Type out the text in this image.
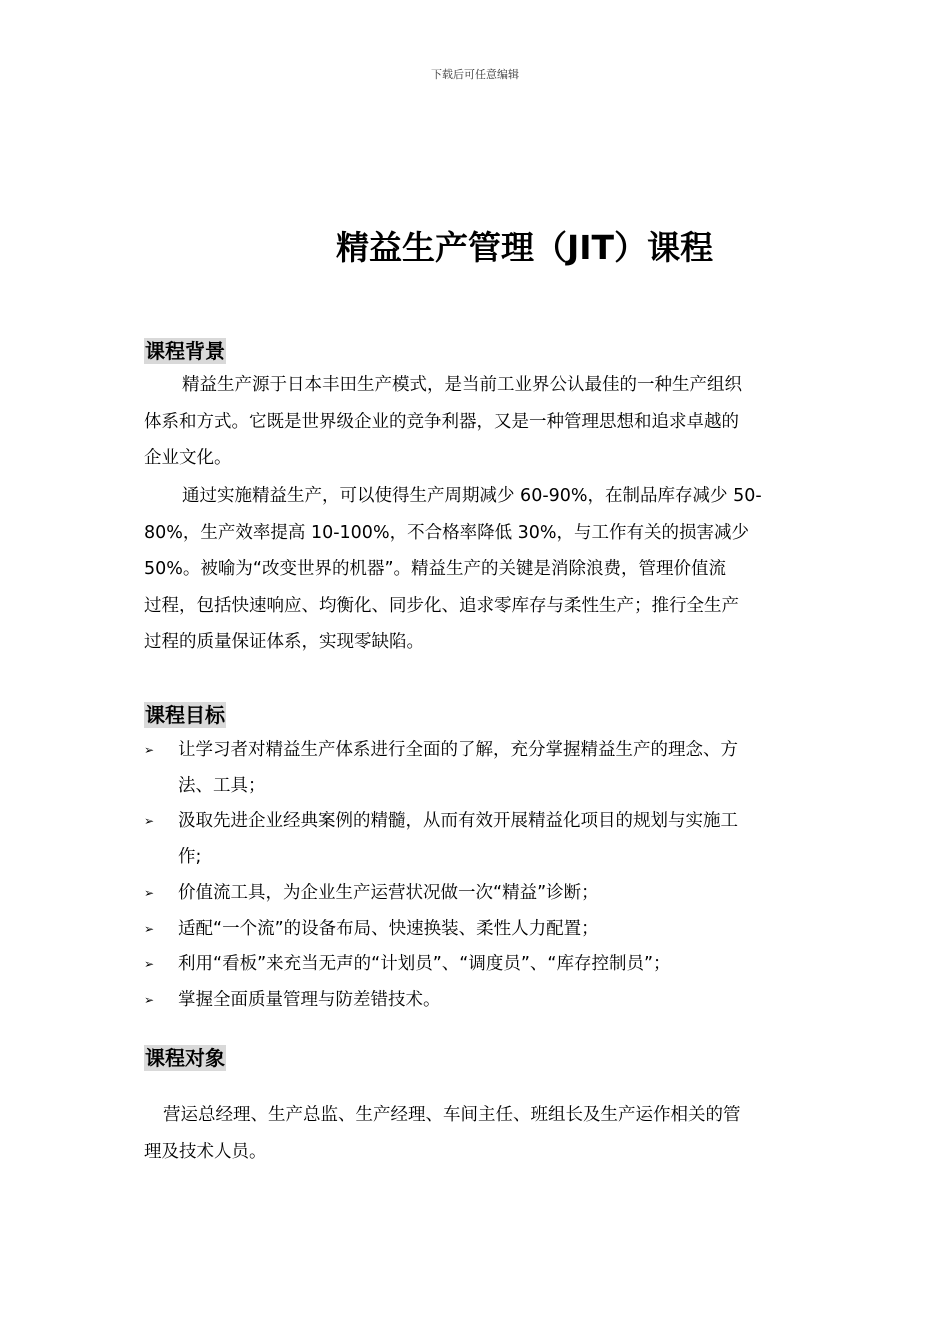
下载后可任意编辑
精益生产管理（JIT）课程
课程背景
精益生产源于日本丰田生产模式，是当前工业界公认最佳的一种生产组织
体系和方式。它既是世界级企业的竞争利器，又是一种管理思想和追求卓越的
企业文化。
通过实施精益生产，可以使得生产周期减少 60-90%，在制品库存减少 50-
80%，生产效率提高 10-100%，不合格率降低 30%，与工作有关的损害减少
50%。被喻为“改变世界的机器”。精益生产的关键是消除浪费，管理价值流
过程，包括快速响应、均衡化、同步化、追求零库存与柔性生产；推行全生产
过程的质量保证体系，实现零缺陷。
课程目标
➢ 让学习者对精益生产体系进行全面的了解，充分掌握精益生产的理念、方
法、工具；
➢ 汲取先进企业经典案例的精髓，从而有效开展精益化项目的规划与实施工
作;
➢ 价值流工具，为企业生产运营状况做一次“精益”诊断；
➢ 适配“一个流”的设备布局、快速换装、柔性人力配置；
➢ 利用“看板”来充当无声的“计划员”、“调度员”、“库存控制员”；
➢ 掌握全面质量管理与防差错技术。
课程对象
营运总经理、生产总监、生产经理、车间主任、班组长及生产运作相关的管
理及技术人员。
